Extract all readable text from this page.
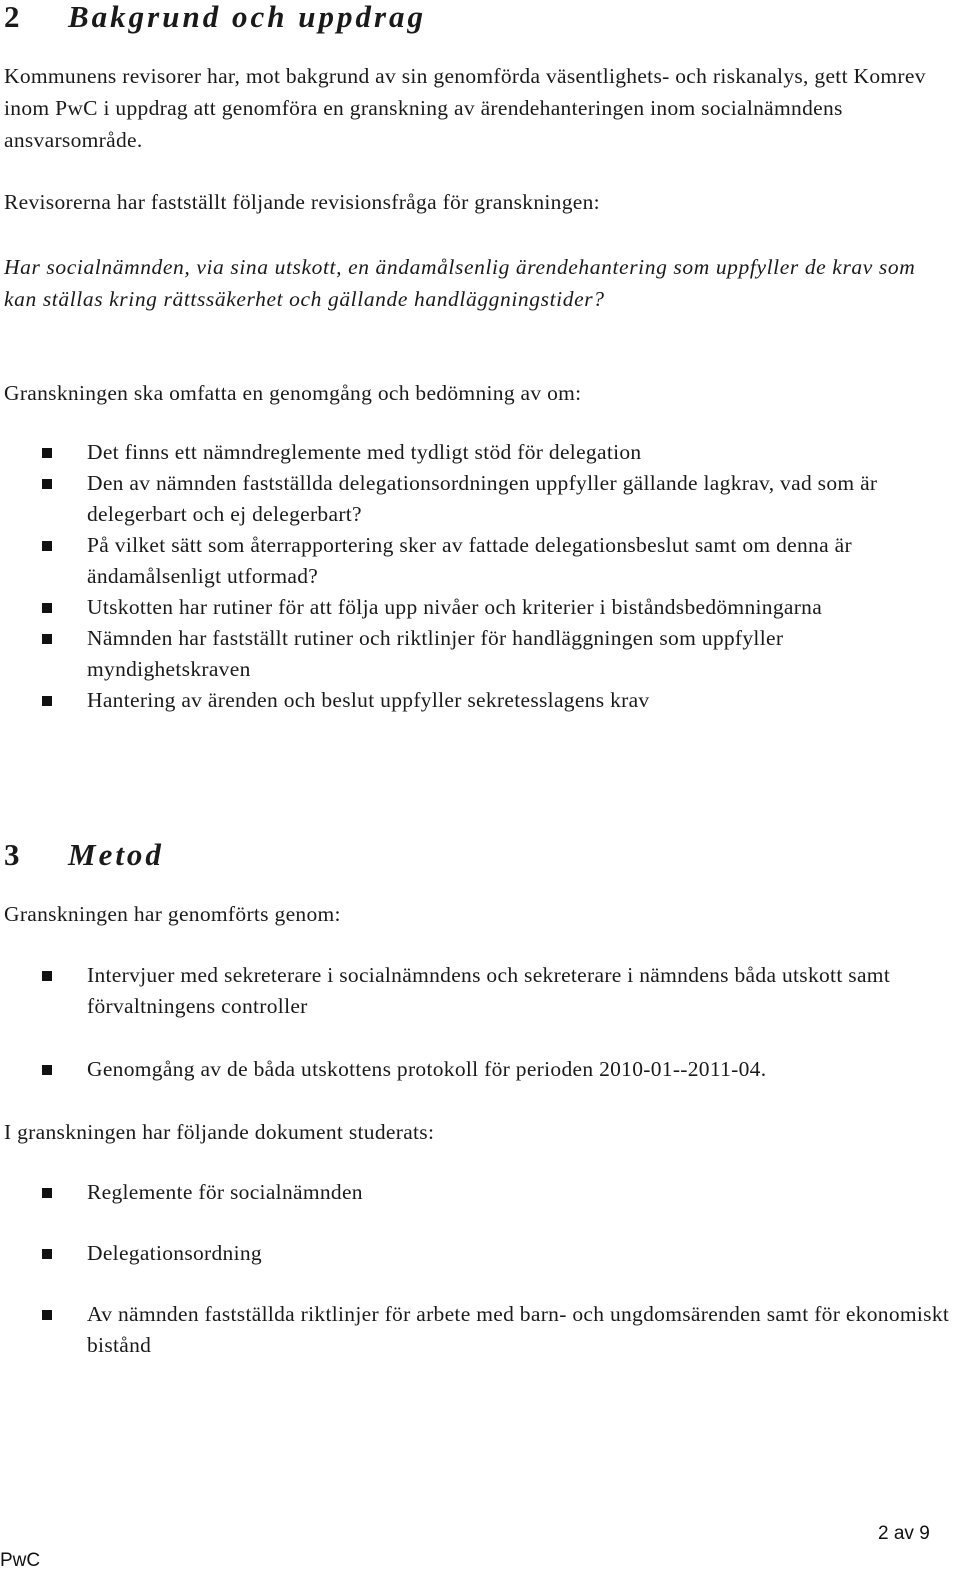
2 Bakgrund och uppdrag

Kommunens revisorer har, mot bakgrund av sin genomförda väsentlighets- och riskanalys, gett Komrev inom PwC i uppdrag att genomföra en granskning av ärendehanteringen inom socialnämndens ansvarsområde.

Revisorerna har fastställt följande revisionsfråga för granskningen:

Har socialnämnden, via sina utskott, en ändamålsenlig ärendehantering som uppfyller de krav som kan ställas kring rättssäkerhet och gällande handläggningstider?

Granskningen ska omfatta en genomgång och bedömning av om:

Det finns ett nämndreglemente med tydligt stöd för delegation
Den av nämnden fastställda delegationsordningen uppfyller gällande lagkrav, vad som är delegerbart och ej delegerbart?
På vilket sätt som återrapportering sker av fattade delegationsbeslut samt om denna är ändamålsenligt utformad?
Utskotten har rutiner för att följa upp nivåer och kriterier i biståndsbedömningarna
Nämnden har fastställt rutiner och riktlinjer för handläggningen som uppfyller myndighetskraven
Hantering av ärenden och beslut uppfyller sekretesslagens krav
3 Metod

Granskningen har genomförts genom:

Intervjuer med sekreterare i socialnämndens och sekreterare i nämndens båda utskott samt förvaltningens controller
Genomgång av de båda utskottens protokoll för perioden 2010-01--2011-04.

I granskningen har följande dokument studerats:

Reglemente för socialnämnden
Delegationsordning
Av nämnden fastställda riktlinjer för arbete med barn- och ungdomsärenden samt för ekonomiskt bistånd
2 av 9
PwC
